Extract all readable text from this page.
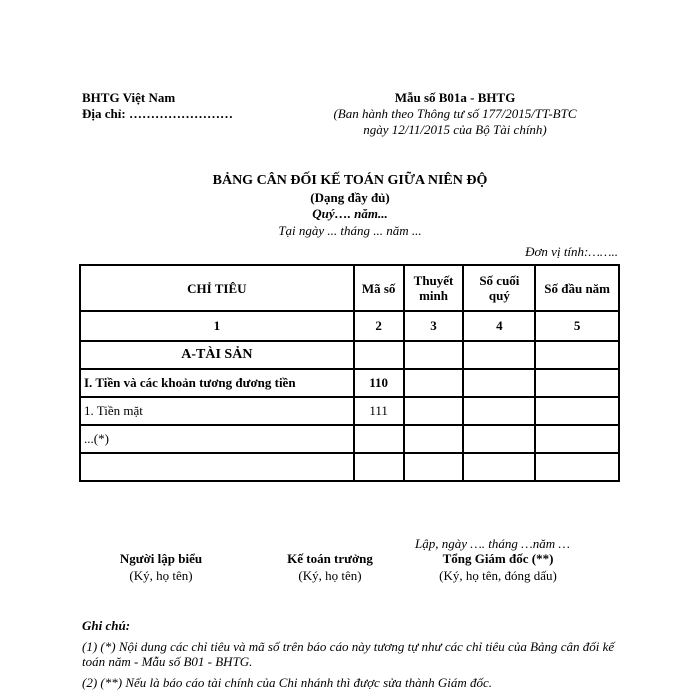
BHTG Việt Nam
Địa chỉ: ……………………
Mẫu số B01a - BHTG
(Ban hành theo Thông tư số 177/2015/TT-BTC ngày 12/11/2015 của Bộ Tài chính)
BẢNG CÂN ĐỐI KẾ TOÁN GIỮA NIÊN ĐỘ
(Dạng đầy đủ)
Quý…. năm...
Tại ngày ... tháng ... năm ...
Đơn vị tính:……..
CHỈ TIÊU	Mã số	Thuyết minh	Số cuối quý	Số đầu năm
1	2	3	4	5
A-TÀI SẢN				
I. Tiền và các khoản tương đương tiền	110			
1. Tiền mặt	111			
...(*)				

Lập, ngày …. tháng …năm …
Người lập biểu
(Ký, họ tên)
Kế toán trưởng
(Ký, họ tên)
Tổng Giám đốc (**)
(Ký, họ tên, đóng dấu)

Ghi chú:

(1) (*) Nội dung các chỉ tiêu và mã số trên báo cáo này tương tự như các chỉ tiêu của Bảng cân đối kế toán năm - Mẫu số B01 - BHTG.

(2) (**) Nếu là báo cáo tài chính của Chi nhánh thì được sửa thành Giám đốc.
